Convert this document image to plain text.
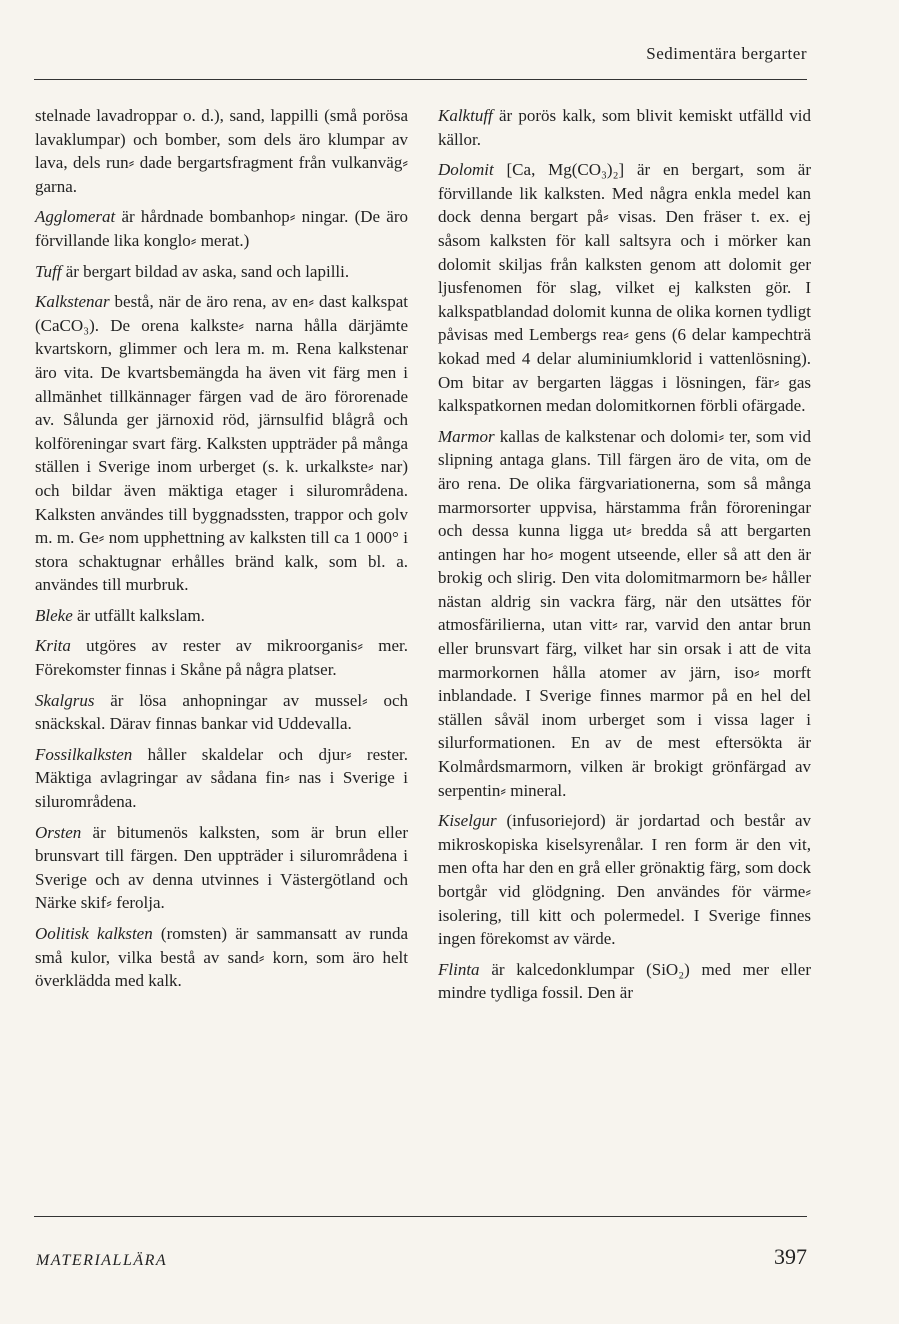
Sedimentära bergarter

stelnade lavadroppar o. d.), sand, lappilli (små porösa lavaklumpar) och bomber, som dels äro klumpar av lava, dels run⸗ dade bergartsfragment från vulkanväg⸗ garna.

Agglomerat är hårdnade bombanhop⸗ ningar. (De äro förvillande lika konglo⸗ merat.)

Tuff är bergart bildad av aska, sand och lapilli.

Kalkstenar bestå, när de äro rena, av en⸗ dast kalkspat (CaCO₃). De orena kalkste⸗ narna hålla därjämte kvartskorn, glimmer och lera m. m. Rena kalkstenar äro vita. De kvartsbemängda ha även vit färg men i allmänhet tillkännager färgen vad de äro förorenade av. Sålunda ger järnoxid röd, järnsulfid blågrå och kolföreningar svart färg. Kalksten uppträder på många ställen i Sverige inom urberget (s. k. urkalkste⸗ nar) och bildar även mäktiga etager i silurområdena. Kalksten användes till byggnadssten, trappor och golv m. m. Ge⸗ nom upphettning av kalksten till ca 1 000° i stora schaktugnar erhålles bränd kalk, som bl. a. användes till murbruk.

Bleke är utfällt kalkslam.

Krita utgöres av rester av mikroorganis⸗ mer. Förekomster finnas i Skåne på några platser.

Skalgrus är lösa anhopningar av mussel⸗ och snäckskal. Därav finnas bankar vid Uddevalla.

Fossilkalksten håller skaldelar och djur⸗ rester. Mäktiga avlagringar av sådana fin⸗ nas i Sverige i silurområdena.

Orsten är bitumenös kalksten, som är brun eller brunsvart till färgen. Den uppträder i silurområdena i Sverige och av denna utvinnes i Västergötland och Närke skif⸗ ferolja.

Oolitisk kalksten (romsten) är sammansatt av runda små kulor, vilka bestå av sand⸗ korn, som äro helt överklädda med kalk.

Kalktuff är porös kalk, som blivit kemiskt utfälld vid källor.

Dolomit [Ca, Mg(CO₃)₂] är en bergart, som är förvillande lik kalksten. Med några enkla medel kan dock denna bergart på⸗ visas. Den fräser t. ex. ej såsom kalksten för kall saltsyra och i mörker kan dolomit skiljas från kalksten genom att dolomit ger ljusfenomen för slag, vilket ej kalksten gör. I kalkspatblandad dolomit kunna de olika kornen tydligt påvisas med Lembergs rea⸗ gens (6 delar kampechträ kokad med 4 delar aluminiumklorid i vattenlösning). Om bitar av bergarten läggas i lösningen, fär⸗ gas kalkspatkornen medan dolomitkornen förbli ofärgade.

Marmor kallas de kalkstenar och dolomi⸗ ter, som vid slipning antaga glans. Till färgen äro de vita, om de äro rena. De olika färgvariationerna, som så många marmorsorter uppvisa, härstamma från föroreningar och dessa kunna ligga ut⸗ bredda så att bergarten antingen har ho⸗ mogent utseende, eller så att den är brokig och slirig. Den vita dolomitmarmorn be⸗ håller nästan aldrig sin vackra färg, när den utsättes för atmosfärilierna, utan vitt⸗ rar, varvid den antar brun eller brunsvart färg, vilket har sin orsak i att de vita marmorkornen hålla atomer av järn, iso⸗ morft inblandade. I Sverige finnes marmor på en hel del ställen såväl inom urberget som i vissa lager i silurformationen. En av de mest eftersökta är Kolmårdsmarmorn, vilken är brokigt grönfärgad av serpentin⸗ mineral.

Kiselgur (infusoriejord) är jordartad och består av mikroskopiska kiselsyrenålar. I ren form är den vit, men ofta har den en grå eller grönaktig färg, som dock bortgår vid glödgning. Den användes för värme⸗ isolering, till kitt och polermedel. I Sverige finnes ingen förekomst av värde.

Flinta är kalcedonklumpar (SiO₂) med mer eller mindre tydliga fossil. Den är

MATERIALLÄRA	397
